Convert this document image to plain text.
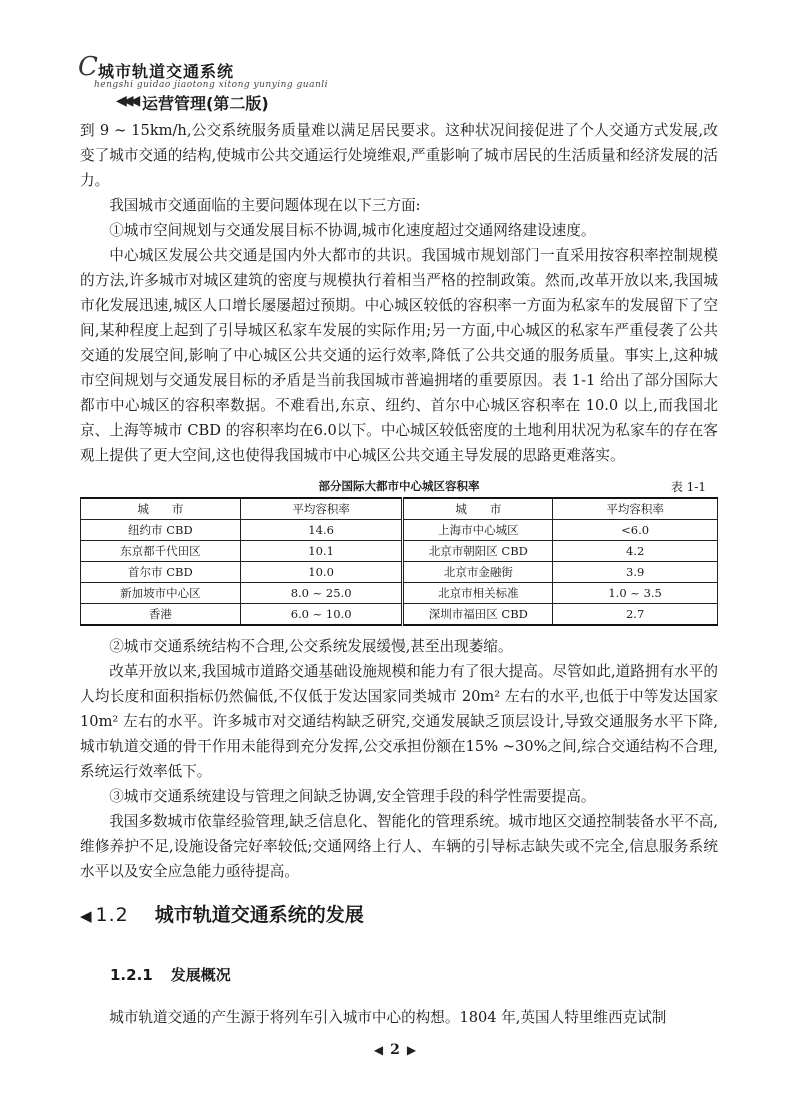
C 城市轨道交通系统
hengshi guidao jiaotong xitong yunying guanli
◀◀◀ 运营管理(第二版)

到 9 ~ 15km/h,公交系统服务质量难以满足居民要求。这种状况间接促进了个人交通方式发展,改变了城市交通的结构,使城市公共交通运行处境维艰,严重影响了城市居民的生活质量和经济发展的活力。

我国城市交通面临的主要问题体现在以下三方面:

①城市空间规划与交通发展目标不协调,城市化速度超过交通网络建设速度。

中心城区发展公共交通是国内外大都市的共识。我国城市规划部门一直采用按容积率控制规模的方法,许多城市对城区建筑的密度与规模执行着相当严格的控制政策。然而,改革开放以来,我国城市化发展迅速,城区人口增长屡屡超过预期。中心城区较低的容积率一方面为私家车的发展留下了空间,某种程度上起到了引导城区私家车发展的实际作用;另一方面,中心城区的私家车严重侵袭了公共交通的发展空间,影响了中心城区公共交通的运行效率,降低了公共交通的服务质量。事实上,这种城市空间规划与交通发展目标的矛盾是当前我国城市普遍拥堵的重要原因。表 1-1 给出了部分国际大都市中心城区的容积率数据。不难看出,东京、纽约、首尔中心城区容积率在 10.0 以上,而我国北京、上海等城市 CBD 的容积率均在6.0以下。中心城区较低密度的土地利用状况为私家车的存在客观上提供了更大空间,这也使得我国城市中心城区公共交通主导发展的思路更难落实。

部分国际大都市中心城区容积率	表 1-1
城　　市	平均容积率	城　　市	平均容积率
纽约市 CBD	14.6	上海市中心城区	<6.0
东京都千代田区	10.1	北京市朝阳区 CBD	4.2
首尔市 CBD	10.0	北京市金融街	3.9
新加坡市中心区	8.0 ~ 25.0	北京市相关标准	1.0 ~ 3.5
香港	6.0 ~ 10.0	深圳市福田区 CBD	2.7

②城市交通系统结构不合理,公交系统发展缓慢,甚至出现萎缩。

改革开放以来,我国城市道路交通基础设施规模和能力有了很大提高。尽管如此,道路拥有水平的人均长度和面积指标仍然偏低,不仅低于发达国家同类城市 20m² 左右的水平,也低于中等发达国家 10m² 左右的水平。许多城市对交通结构缺乏研究,交通发展缺乏顶层设计,导致交通服务水平下降,城市轨道交通的骨干作用未能得到充分发挥,公交承担份额在15% ~30%之间,综合交通结构不合理,系统运行效率低下。

③城市交通系统建设与管理之间缺乏协调,安全管理手段的科学性需要提高。

我国多数城市依靠经验管理,缺乏信息化、智能化的管理系统。城市地区交通控制装备水平不高,维修养护不足,设施设备完好率较低;交通网络上行人、车辆的引导标志缺失或不完全,信息服务系统水平以及安全应急能力亟待提高。

◀ 1.2 城市轨道交通系统的发展
1.2.1 发展概况

城市轨道交通的产生源于将列车引入城市中心的构想。1804 年,英国人特里维西克试制

◀ 2 ▶
